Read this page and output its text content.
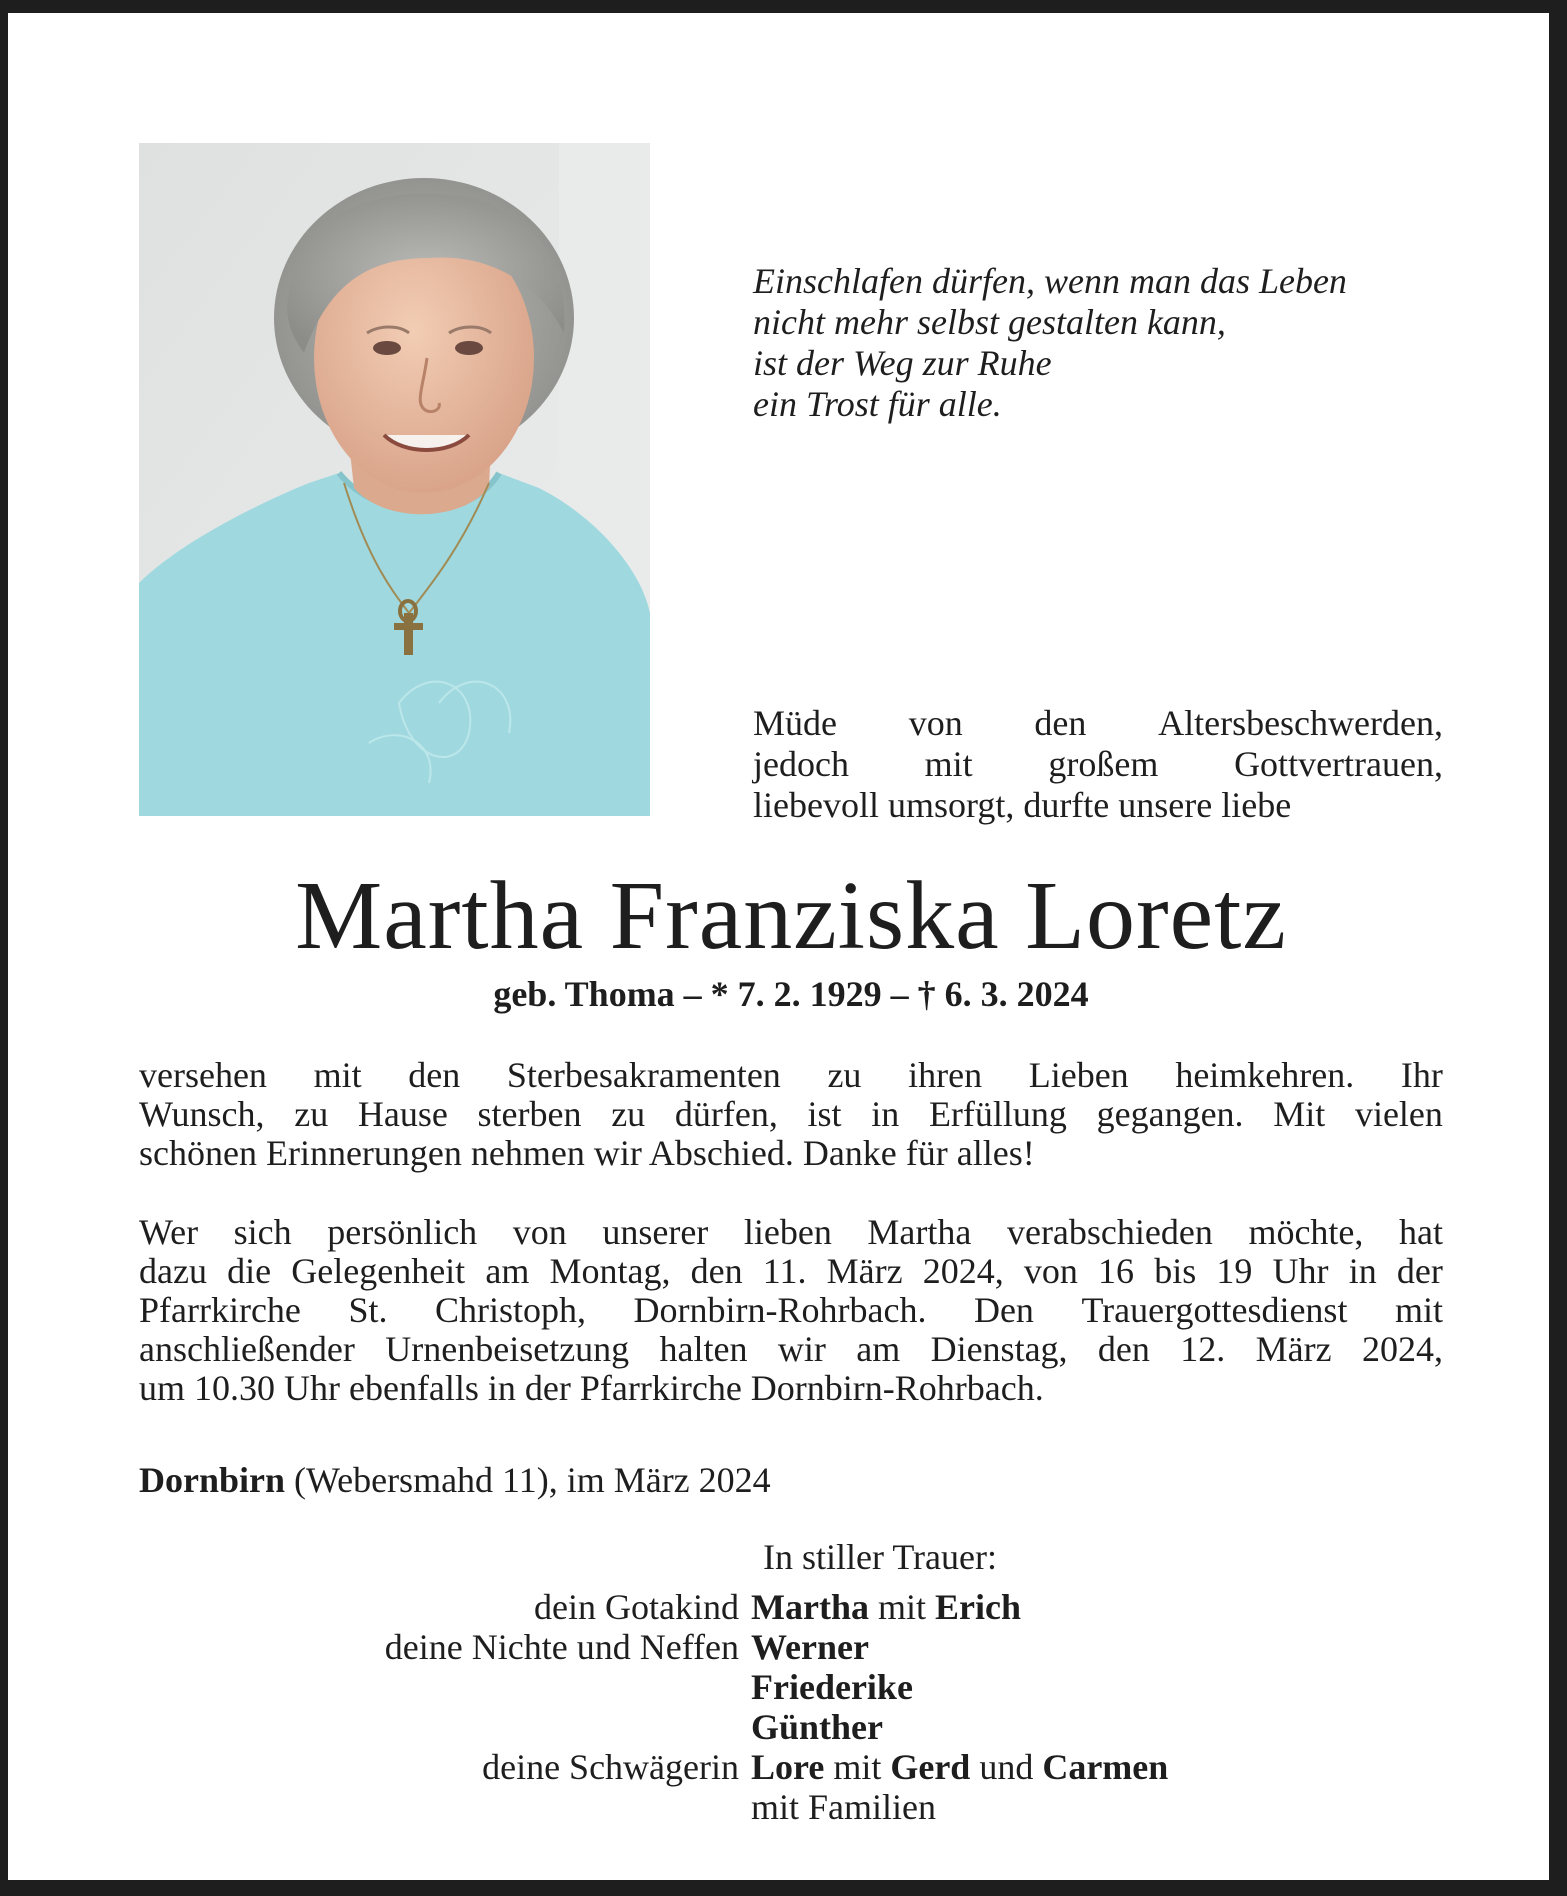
Einschlafen dürfen, wenn man das Leben
nicht mehr selbst gestalten kann,
ist der Weg zur Ruhe
ein Trost für alle.
Müde von den Altersbeschwerden,
jedoch mit großem Gottvertrauen,
liebevoll umsorgt, durfte unsere liebe
Martha Franziska Loretz
geb. Thoma – * 7. 2. 1929 – † 6. 3. 2024
versehen mit den Sterbesakramenten zu ihren Lieben heimkehren. Ihr
Wunsch, zu Hause sterben zu dürfen, ist in Erfüllung gegangen. Mit vielen
schönen Erinnerungen nehmen wir Abschied. Danke für alles!
Wer sich persönlich von unserer lieben Martha verabschieden möchte, hat
dazu die Gelegenheit am Montag, den 11. März 2024, von 16 bis 19 Uhr in der
Pfarrkirche St. Christoph, Dornbirn-Rohrbach. Den Trauergottesdienst mit
anschließender Urnenbeisetzung halten wir am Dienstag, den 12. März 2024,
um 10.30 Uhr ebenfalls in der Pfarrkirche Dornbirn-Rohrbach.
Dornbirn (Webersmahd 11), im März 2024
In stiller Trauer:
dein Gotakind Martha mit Erich
deine Nichte und Neffen Werner
Friederike
Günther
deine Schwägerin Lore mit Gerd und Carmen
mit Familien
